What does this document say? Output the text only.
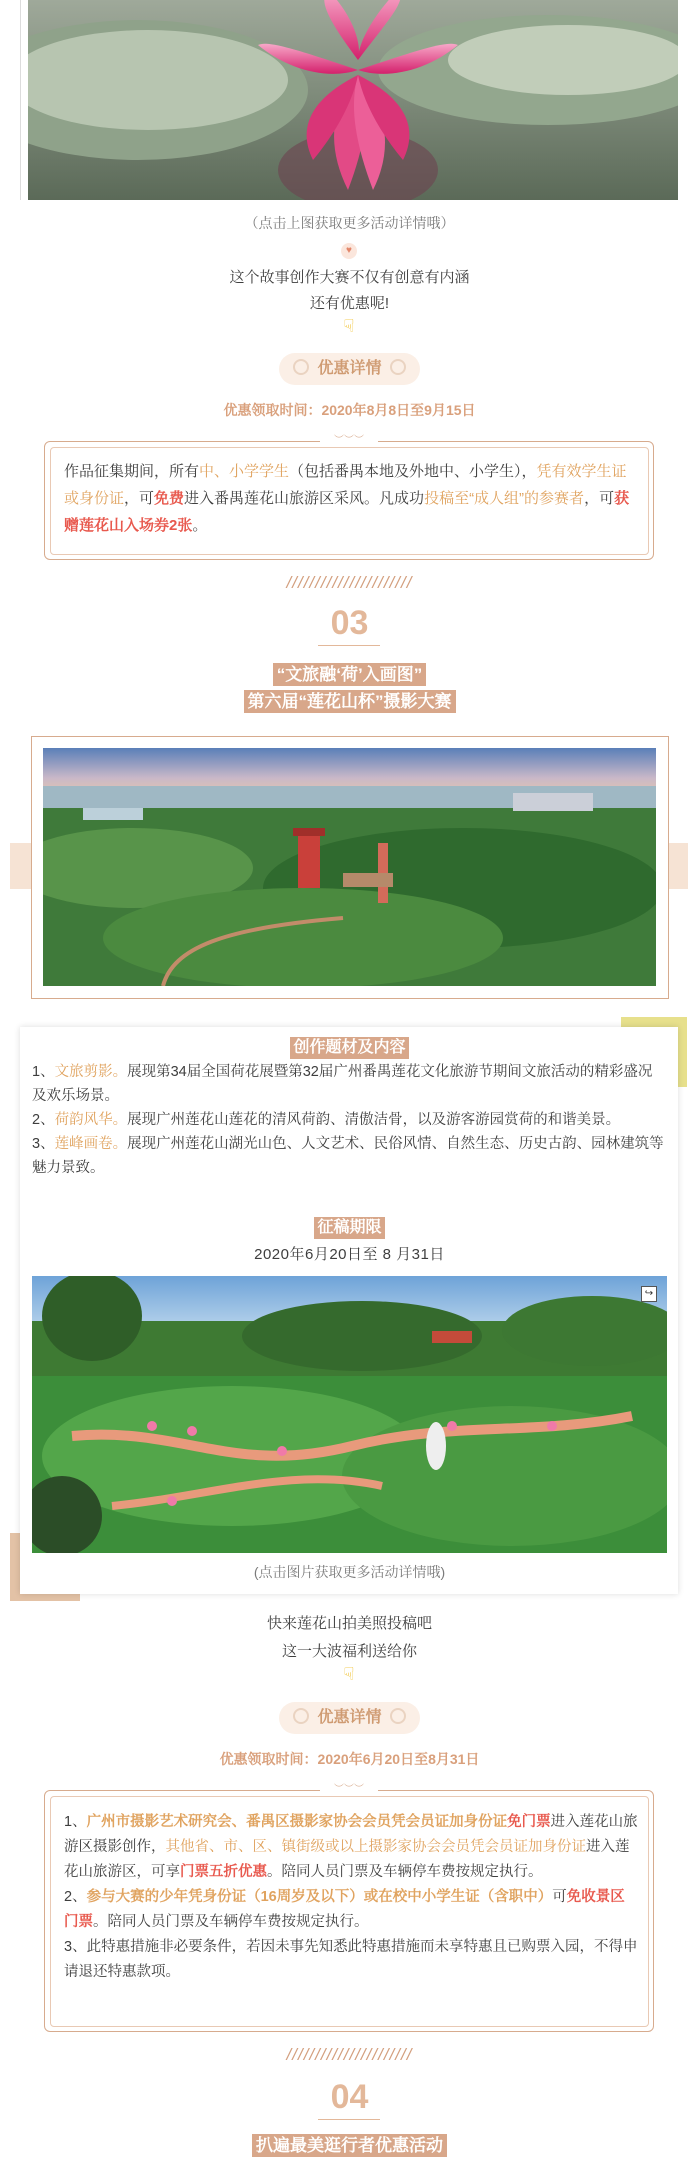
（点击上图获取更多活动详情哦）
♥
这个故事创作大赛不仅有创意有内涵
还有优惠呢!
☟
优惠详情
优惠领取时间：2020年8月8日至9月15日
︶︶︶
作品征集期间，所有中、小学学生（包括番禺本地及外地中、小学生），凭有效学生证或身份证，可免费进入番禺莲花山旅游区采风。凡成功投稿至“成人组”的参赛者，可获赠莲花山入场券2张。
//////////////////////
03
“文旅融‘荷’入画图”
第六届“莲花山杯”摄影大赛
创作题材及内容
1、文旅剪影。展现第34届全国荷花展暨第32届广州番禺莲花文化旅游节期间文旅活动的精彩盛况及欢乐场景。
2、荷韵风华。展现广州莲花山莲花的清风荷韵、清傲洁骨，以及游客游园赏荷的和谐美景。
3、莲峰画卷。展现广州莲花山湖光山色、人文艺术、民俗风情、自然生态、历史古韵、园林建筑等魅力景致。
征稿期限
2020年6月20日至 8 月31日
↪
(点击图片获取更多活动详情哦)
快来莲花山拍美照投稿吧
这一大波福利送给你
☟
优惠详情
优惠领取时间：2020年6月20日至8月31日
︶︶︶
1、广州市摄影艺术研究会、番禺区摄影家协会会员凭会员证加身份证免门票进入莲花山旅游区摄影创作，其他省、市、区、镇街级或以上摄影家协会会员凭会员证加身份证进入莲花山旅游区，可享门票五折优惠。陪同人员门票及车辆停车费按规定执行。
2、参与大赛的少年凭身份证（16周岁及以下）或在校中小学生证（含职中）可免收景区门票。陪同人员门票及车辆停车费按规定执行。
3、此特惠措施非必要条件，若因未事先知悉此特惠措施而未享特惠且已购票入园，不得申请退还特惠款项。
//////////////////////
04
扒遍最美逛行者优惠活动
